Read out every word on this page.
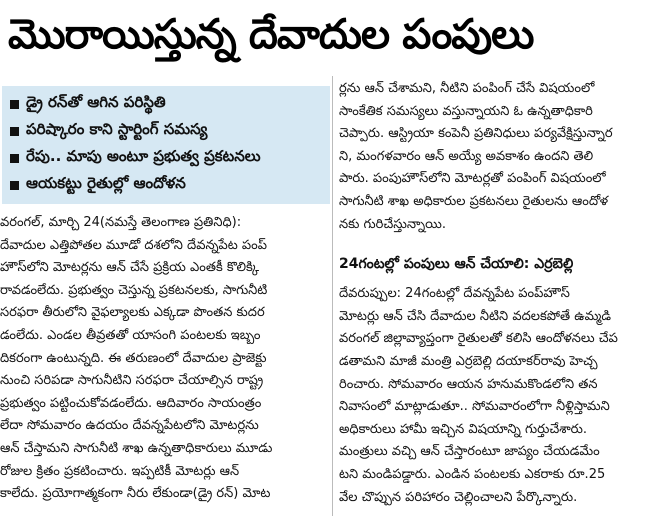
మొరాయిస్తున్న దేవాదుల పంపులు
డ్రై రన్‌తో ఆగిన పరిస్థితి
పరిష్కారం కాని స్టార్టింగ్ సమస్య
రేపు.. మాపు అంటూ ప్రభుత్వ ప్రకటనలు
ఆయకట్టు రైతుల్లో ఆందోళన
వరంగల్, మార్చి 24(నమస్తే తెలంగాణ ప్రతినిధి):
దేవాదుల ఎత్తిపోతల మూడో దశలోని దేవన్నపేట పంప్
హౌస్‌లోని మోటర్లను ఆన్ చేసే ప్రక్రియ ఎంతకీ కొలిక్కి
రావడంలేదు. ప్రభుత్వం చెస్తున్న ప్రకటనలకు, సాగునీటి
సరఫరా తీరులోని వైఫల్యాలకు ఎక్కడా పొంతన కుదర
డంలేదు. ఎండల తీవ్రతతో యాసంగి పంటలకు ఇబ్బం
దికరంగా ఉంటున్నది. ఈ తరుణంలో దేవాదుల ప్రాజెక్టు
నుంచి సరిపడా సాగునీటిని సరఫరా చేయాల్సిన రాష్ట్ర
ప్రభుత్వం పట్టించుకోవడంలేదు. ఆదివారం సాయంత్రం
లేదా సోమవారం ఉదయం దేవన్నపేటలోని మోటర్లను
ఆన్ చేస్తామని సాగునీటి శాఖ ఉన్నతాధికారులు మూడు
రోజుల క్రితం ప్రకటించారు. ఇప్పటికీ మోటర్లు ఆన్
కాలేదు. ప్రయోగాత్మకంగా నీరు లేకుండా(డ్రై రన్) మోట
ర్లను ఆన్ చేశామని, నీటిని పంపింగ్ చేసే విషయంలో
సాంకేతిక సమస్యలు వస్తున్నాయని ఓ ఉన్నతాధికారి
చెప్పారు. ఆస్ట్రియా కంపెనీ ప్రతినిధులు పర్యవేక్షిస్తున్నార
ని, మంగళవారం ఆన్ అయ్యే అవకాశం ఉందని తెలి
పారు. పంపుహౌస్‌లోని మోటర్లతో పంపింగ్ విషయంలో
సాగునీటి శాఖ అధికారుల ప్రకటనలు రైతులను ఆందోళ
నకు గురిచేస్తున్నాయి.
24గంటల్లో పంపులు ఆన్ చేయాలి: ఎర్రబెల్లి
దేవరుప్పుల: 24గంటల్లో దేవన్నపేట పంప్‌హౌస్
మోటర్లు ఆన్ చేసి దేవాదుల నీటిని వదలకపోతే ఉమ్మడి
వరంగల్ జిల్లావ్యాప్తంగా రైతులతో కలిసి ఆందోళనలు చేప
డతామని మాజీ మంత్రి ఎర్రబెల్లి దయాకర్‌రావు హెచ్చ
రించారు. సోమవారం ఆయన హనుమకొండలోని తన
నివాసంలో మాట్లాడుతూ.. సోమవారంలోగా నీళ్లిస్తామని
అధికారులు హామీ ఇచ్చిన విషయాన్ని గుర్తుచేశారు.
మంత్రులు వచ్చి ఆన్ చేస్తారంటూ జాప్యం చేయడమేం
టని మండిపడ్డారు. ఎండిన పంటలకు ఎకరాకు రూ.25
వేల చొప్పున పరిహారం చెల్లించాలని పేర్కొన్నారు.
